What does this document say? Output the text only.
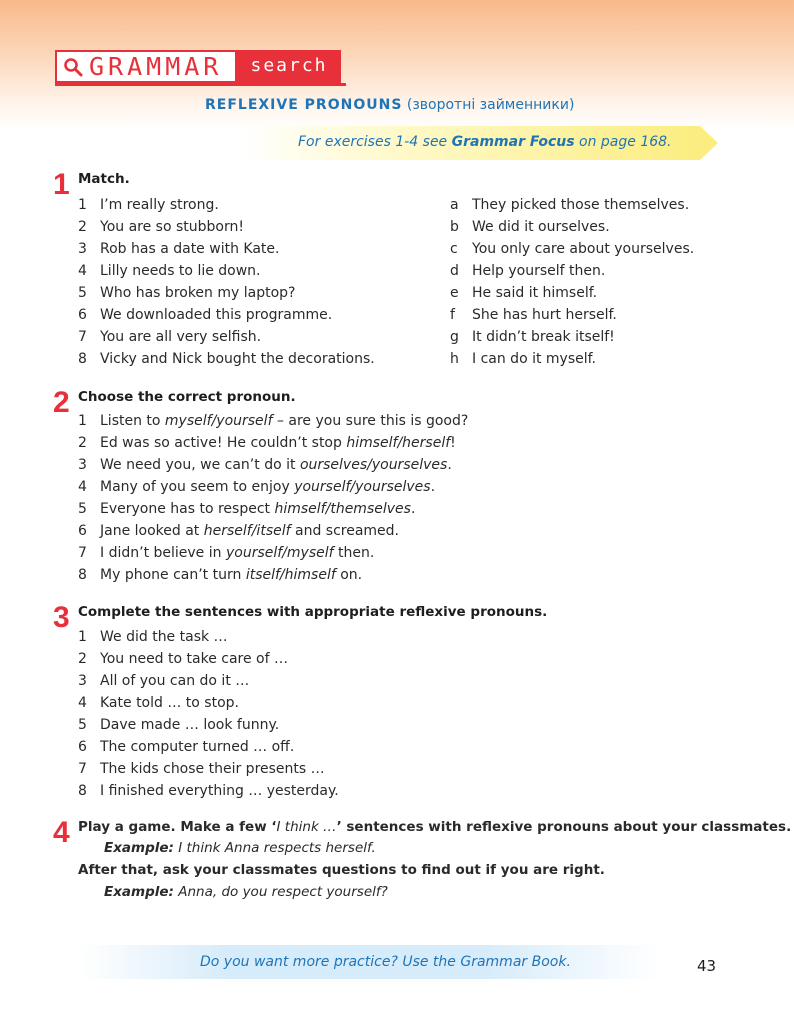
GRAMMAR	search
REFLEXIVE PRONOUNS (зворотні займенники)
For exercises 1-4 see Grammar Focus on page 168.
1 Match.
1 I’m really strong.
2 You are so stubborn!
3 Rob has a date with Kate.
4 Lilly needs to lie down.
5 Who has broken my laptop?
6 We downloaded this programme.
7 You are all very selfish.
8 Vicky and Nick bought the decorations.
a They picked those themselves.
b We did it ourselves.
c You only care about yourselves.
d Help yourself then.
e He said it himself.
f She has hurt herself.
g It didn’t break itself!
h I can do it myself.
2 Choose the correct pronoun.
1 Listen to myself/yourself – are you sure this is good?
2 Ed was so active! He couldn’t stop himself/herself!
3 We need you, we can’t do it ourselves/yourselves.
4 Many of you seem to enjoy yourself/yourselves.
5 Everyone has to respect himself/themselves.
6 Jane looked at herself/itself and screamed.
7 I didn’t believe in yourself/myself then.
8 My phone can’t turn itself/himself on.
3 Complete the sentences with appropriate reflexive pronouns.
1 We did the task …
2 You need to take care of …
3 All of you can do it …
4 Kate told … to stop.
5 Dave made … look funny.
6 The computer turned … off.
7 The kids chose their presents …
8 I finished everything … yesterday.
4 Play a game. Make a few ‘I think …’ sentences with reflexive pronouns about your classmates.
Example: I think Anna respects herself.
After that, ask your classmates questions to find out if you are right.
Example: Anna, do you respect yourself?
Do you want more practice? Use the Grammar Book.	43
